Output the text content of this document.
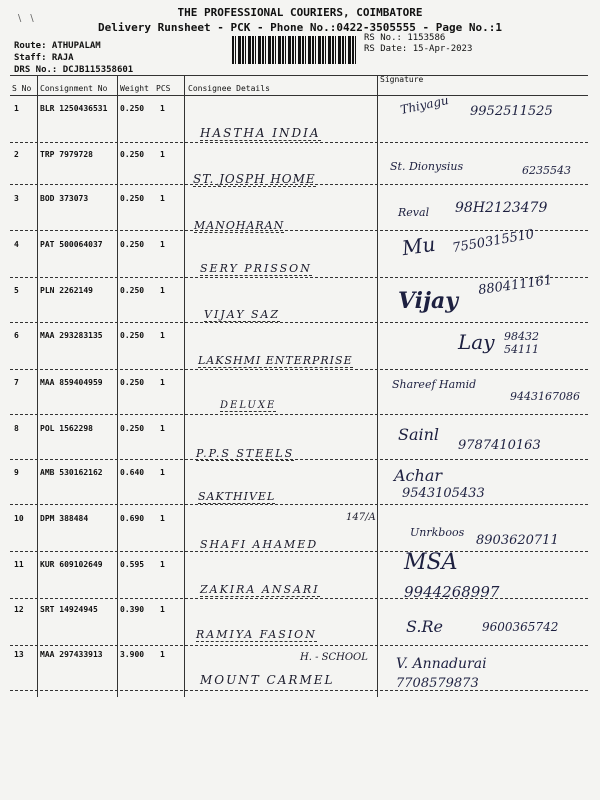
∖ ∖
THE PROFESSIONAL COURIERS, COIMBATORE
Delivery Runsheet - PCK - Phone No.:0422-3505555 - Page No.:1
Route: ATHUPALAM
Staff: RAJA
DRS No.: DCJB115358601
RS No.: 1153586
RS Date: 15-Apr-2023
S No Consignment No Weight PCS Consignee Details
Signature
1	BLR 1250436531 0.250 1
HASTHA INDIA
Thiyagu 9952511525
2	TRP 7979728	0.250 1
ST. JOSPH HOME
St. Dionysius	6235543
3	BOD 373073	0.250 1
MANOHARAN
Reval 98H2123479
4	PAT 500064037 0.250 1
SERY PRISSON
Mu 7550315510
5	PLN 2262149	0.250 1
VIJAY SAZ
Vijay
880411161
6	MAA 293283135 0.250 1
LAKSHMI ENTERPRISE
Lay 98432 54111
7	MAA 859404959 0.250 1
DELUXE
Shareef Hamid
9443167086
8	POL 1562298	0.250 1
P.P.S STEELS
Sainl
9787410163
9	AMB 530162162 0.640 1
SAKTHIVEL
Achar
9543105433
10 DPM 388484	0.690 1	147/A
SHAFI AHAMED
Unrkboos
8903620711
11 KUR 609102649 0.595 1
ZAKIRA ANSARI
MSA
9944268997
12 SRT 14924945	0.390 1
RAMIYA FASION	S.Re	9600365742
13 MAA 297433913 3.900 1	H. - SCHOOL
MOUNT CARMEL
V. Annadurai
7708579873
